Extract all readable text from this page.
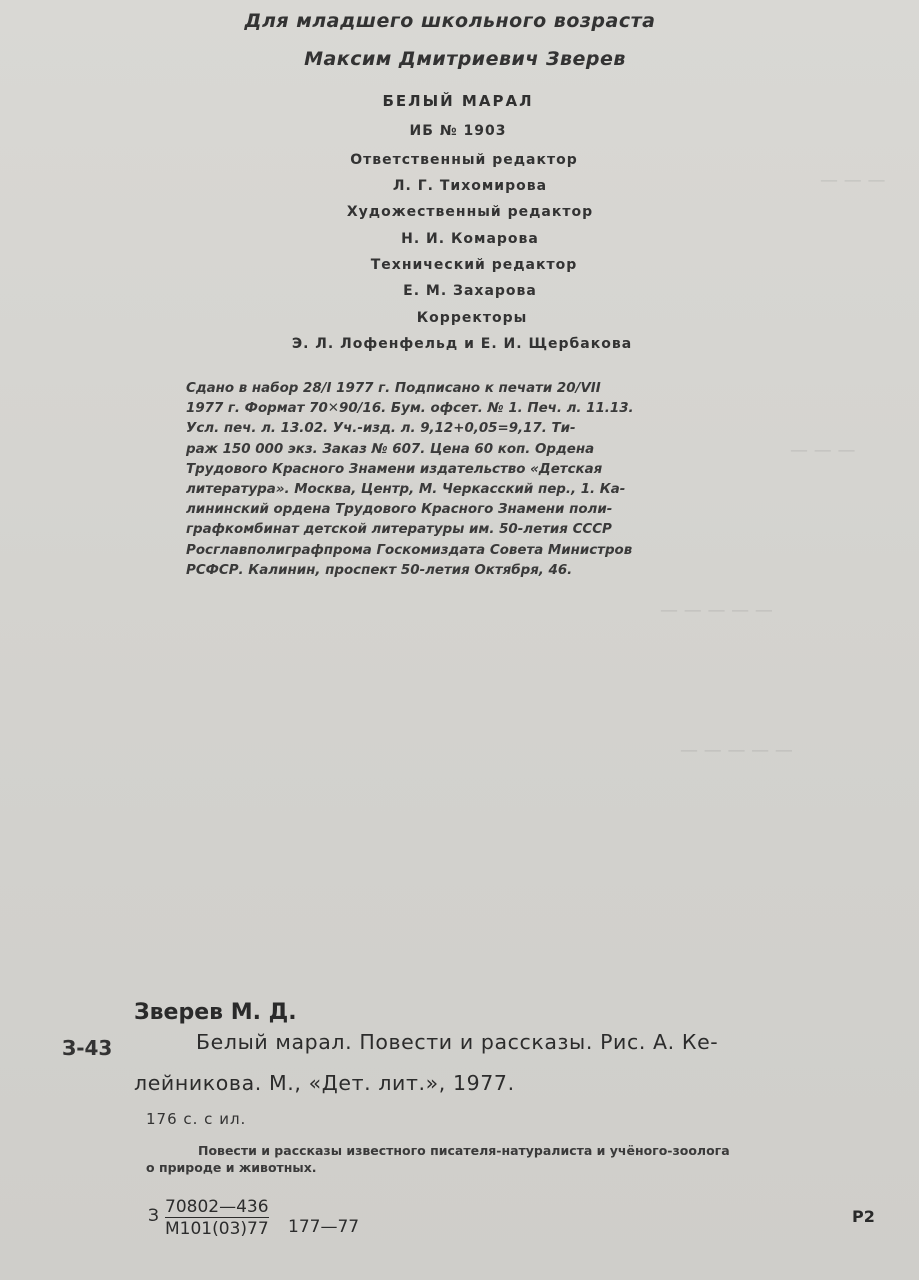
Для младшего школьного возраста
Максим Дмитриевич Зверев
БЕЛЫЙ МАРАЛ
ИБ № 1903
Ответственный редактор
Л. Г. Тихомирова
Художественный редактор
Н. И. Комарова
Технический редактор
Е. М. Захарова
Корректоры
Э. Л. Лофенфельд и Е. И. Щербакова
Сдано в набор 28/I 1977 г. Подписано к печати 20/VII
1977 г. Формат 70✕90/16. Бум. офсет. № 1. Печ. л. 11.13.
Усл. печ. л. 13.02. Уч.-изд. л. 9,12+0,05=9,17. Ти-
раж 150 000 экз. Заказ № 607. Цена 60 коп. Ордена
Трудового Красного Знамени издательство «Детская
литература». Москва, Центр, М. Черкасский пер., 1. Ка-
лининский ордена Трудового Красного Знамени поли-
графкомбинат детской литературы им. 50-летия СССР
Росглавполиграфпрома Госкомиздата Совета Министров
РСФСР. Калинин, проспект 50-летия Октября, 46.
— — —
— — —
— — — — —
— — — — —
Зверев М. Д.
З-43	Белый марал. Повести и рассказы. Рис. А. Ке-
лейникова. М., «Дет. лит.», 1977.
176 с. с ил.
Повести и рассказы известного писателя-натуралиста и учёного-зоолога
о природе и животных.
З 70802—436
М101(03)77 177—77
Р2
